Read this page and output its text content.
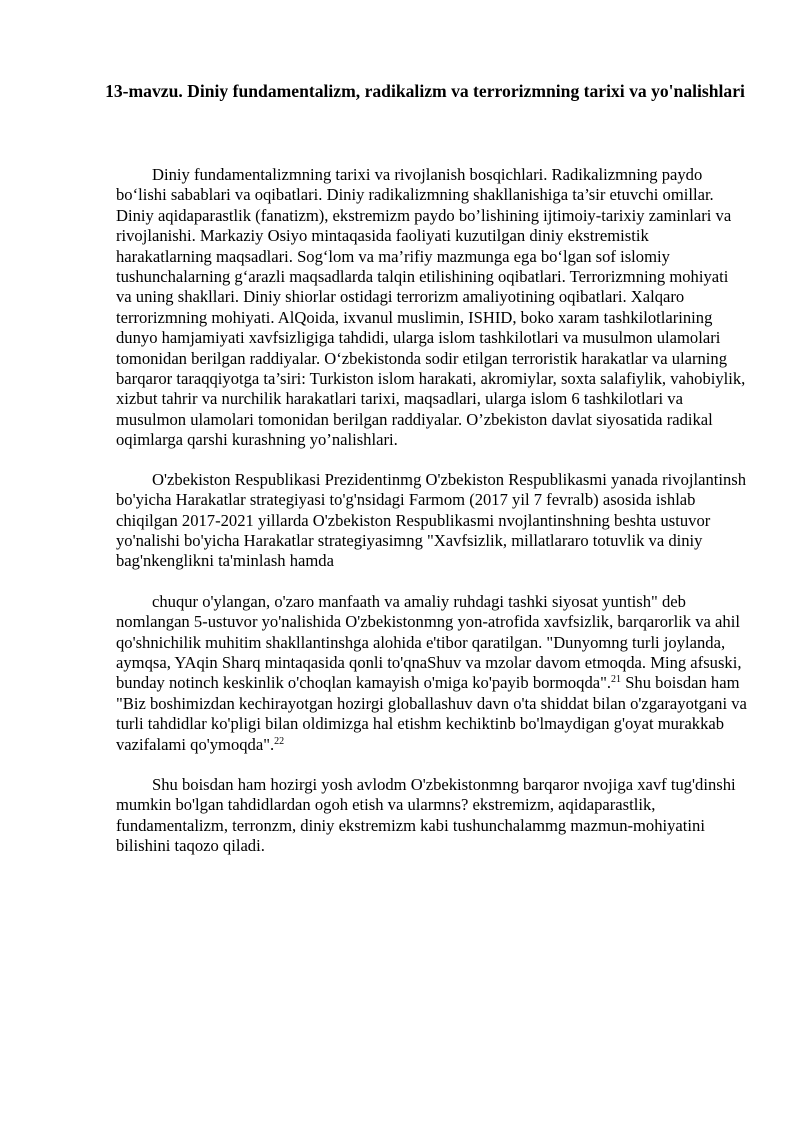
13-mavzu. Diniy fundamentalizm, radikalizm va terrorizmning tarixi va yo'nalishlari

Diniy fundamentalizmning tarixi va rivojlanish bosqichlari. Radikalizmning paydo bo‘lishi sabablari va oqibatlari. Diniy radikalizmning shakllanishiga ta’sir etuvchi omillar. Diniy aqidaparastlik (fanatizm), ekstremizm paydo bo’lishining ijtimoiy-tarixiy zaminlari va rivojlanishi. Markaziy Osiyo mintaqasida faoliyati kuzutilgan diniy ekstremistik harakatlarning maqsadlari. Sog‘lom va ma’rifiy mazmunga ega bo‘lgan sof islomiy tushunchalarning g‘arazli maqsadlarda talqin etilishining oqibatlari. Terrorizmning mohiyati va uning shakllari. Diniy shiorlar ostidagi terrorizm amaliyotining oqibatlari. Xalqaro terrorizmning mohiyati. AlQoida, ixvanul muslimin, ISHID, boko xaram tashkilotlarining dunyo hamjamiyati xavfsizligiga tahdidi, ularga islom tashkilotlari va musulmon ulamolari tomonidan berilgan raddiyalar. O‘zbekistonda sodir etilgan terroristik harakatlar va ularning barqaror taraqqiyotga ta’siri: Turkiston islom harakati, akromiylar, soxta salafiylik, vahobiylik, xizbut tahrir va nurchilik harakatlari tarixi, maqsadlari, ularga islom 6 tashkilotlari va musulmon ulamolari tomonidan berilgan raddiyalar. O’zbekiston davlat siyosatida radikal oqimlarga qarshi kurashning yo’nalishlari.

O'zbekiston Respublikasi Prezidentinmg O'zbekiston Respublikasmi yanada rivojlantinsh bo'yicha Harakatlar strategiyasi to'g'nsidagi Farmom (2017 yil 7 fevralb) asosida ishlab chiqilgan 2017-2021 yillarda O'zbekiston Respublikasmi nvojlantinshning beshta ustuvor yo'nalishi bo'yicha Harakatlar strategiyasimng "Xavfsizlik, millatlararo totuvlik va diniy bag'nkenglikni ta'minlash hamda

chuqur o'ylangan, o'zaro manfaath va amaliy ruhdagi tashki siyosat yuntish" deb nomlangan 5-ustuvor yo'nalishida O'zbekistonmng yon-atrofida xavfsizlik, barqarorlik va ahil qo'shnichilik muhitim shakllantinshga alohida e'tibor qaratilgan. "Dunyomng turli joylanda, aymqsa, YAqin Sharq mintaqasida qonli to'qnaShuv va mzolar davom etmoqda. Ming afsuski, bunday notinch keskinlik o'choqlan kamayish o'miga ko'payib bormoqda".$^{21}$ Shu boisdan ham "Biz boshimizdan kechirayotgan hozirgi globallashuv davn o'ta shiddat bilan o'zgarayotgani va turli tahdidlar ko'pligi bilan oldimizga hal etishm kechiktinb bo'lmaydigan g'oyat murakkab vazifalami qo'ymoqda".$^{22}$

Shu boisdan ham hozirgi yosh avlodm O'zbekistonmng barqaror nvojiga xavf tug'dinshi mumkin bo'lgan tahdidlardan ogoh etish va ularmns? ekstremizm, aqidaparastlik, fundamentalizm, terronzm, diniy ekstremizm kabi tushunchalammg mazmun-mohiyatini bilishini taqozo qiladi.
